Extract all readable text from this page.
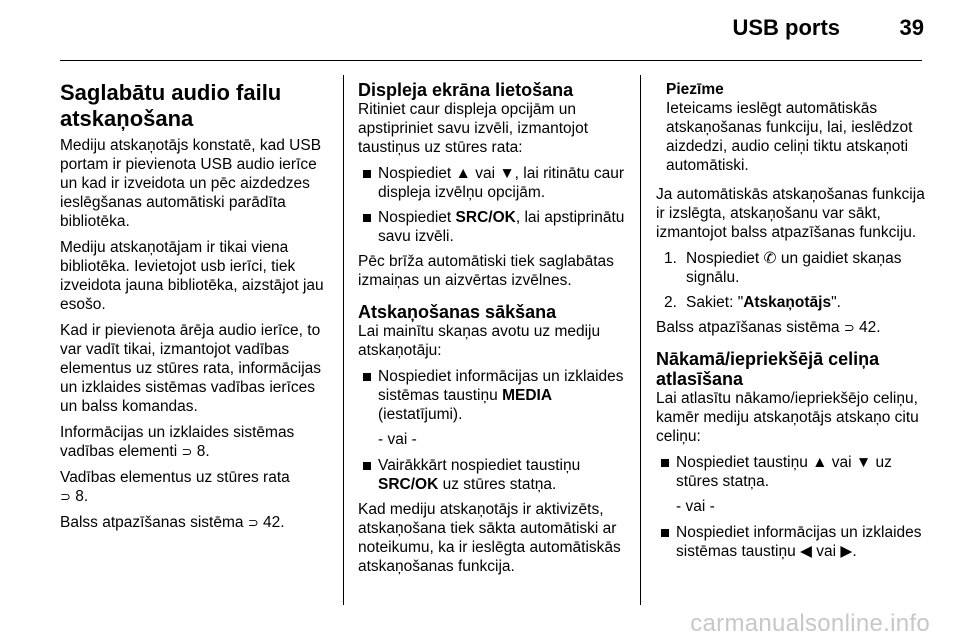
USB ports	39
Saglabātu audio failu atskaņošana

Mediju atskaņotājs konstatē, kad USB portam ir pievienota USB audio ierīce un kad ir izveidota un pēc aizdedzes ieslēgšanas automātiski parādīta bibliotēka.

Mediju atskaņotājam ir tikai viena bibliotēka. Ievietojot usb ierīci, tiek izveidota jauna bibliotēka, aizstājot jau esošo.

Kad ir pievienota ārēja audio ierīce, to var vadīt tikai, izmantojot vadības elementus uz stūres rata, informācijas un izklaides sistēmas vadības ierīces un balss komandas.

Informācijas un izklaides sistēmas vadības elementi ⊃ 8.

Vadības elementus uz stūres rata
⊃ 8.

Balss atpazīšanas sistēma ⊃ 42.

Displeja ekrāna lietošana

Ritiniet caur displeja opcijām un apstipriniet savu izvēli, izmantojot taustiņus uz stūres rata:

Nospiediet ▲ vai ▼, lai ritinātu caur displeja izvēlņu opcijām.
Nospiediet SRC/OK, lai apstiprinātu savu izvēli.

Pēc brīža automātiski tiek saglabātas izmaiņas un aizvērtas izvēlnes.

Atskaņošanas sākšana

Lai mainītu skaņas avotu uz mediju atskaņotāju:

Nospiediet informācijas un izklaides sistēmas taustiņu MEDIA (iestatījumi).

- vai -

Vairākkārt nospiediet taustiņu SRC/OK uz stūres statņa.

Kad mediju atskaņotājs ir aktivizēts, atskaņošana tiek sākta automātiski ar noteikumu, ka ir ieslēgta automātiskās atskaņošanas funkcija.

Piezīme
Ieteicams ieslēgt automātiskās atskaņošanas funkciju, lai, ieslēdzot aizdedzi, audio celiņi tiktu atskaņoti automātiski.

Ja automātiskās atskaņošanas funkcija ir izslēgta, atskaņošanu var sākt, izmantojot balss atpazīšanas funkciju.

1. Nospiediet ✆ un gaidiet skaņas signālu.
2. Sakiet: "Atskaņotājs".

Balss atpazīšanas sistēma ⊃ 42.

Nākamā/iepriekšējā celiņa atlasīšana

Lai atlasītu nākamo/iepriekšējo celiņu, kamēr mediju atskaņotājs atskaņo citu celiņu:

Nospiediet taustiņu ▲ vai ▼ uz stūres statņa.

- vai -

Nospiediet informācijas un izklaides sistēmas taustiņu ◀ vai ▶.
carmanualsonline.info
